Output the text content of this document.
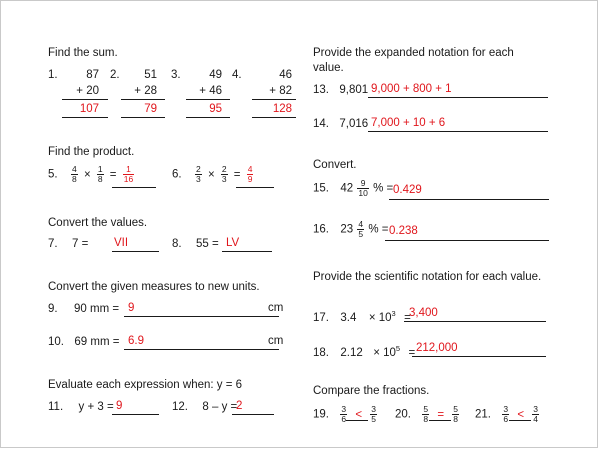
Find the sum.
1. 87
+ 20
107
2. 51
+ 28
79
3. 49
+ 46
95
4.	46
+ 82
128
Find the product.
5. $\frac{4}{8} \times \frac{1}{8} = \frac{1}{16}$	6. $\frac{2}{3} \times \frac{2}{3} = \frac{4}{9}$
Convert the values.
7. 7 = VII	8. 55 = LV
Convert the given measures to new units.
9. 90 mm = 9	cm
10. 69 mm = 6.9	cm
Evaluate each expression when: y = 6
11. y + 3 = 9	12. 8 – y =
2
Provide the expanded notation for each value.
13. 9,801 9,000 + 800 + 1
14. 7,016 7,000 + 10 + 6
Convert.
15. $42 \frac{9}{10}$ % = 0.429
16. $23 \frac{4}{5}$ % = 0.238
Provide the scientific notation for each value.
17. $3.4 \times 10^3$ =
3,400
18. $2.12 \times 10^5 = 212,000$
Compare the fractions.
19. $\frac{3}{6} < \frac{3}{5} 20$. $\frac{5}{8} = \frac{5}{8} 21$. $\frac{3}{6} < \frac{3}{4}$
